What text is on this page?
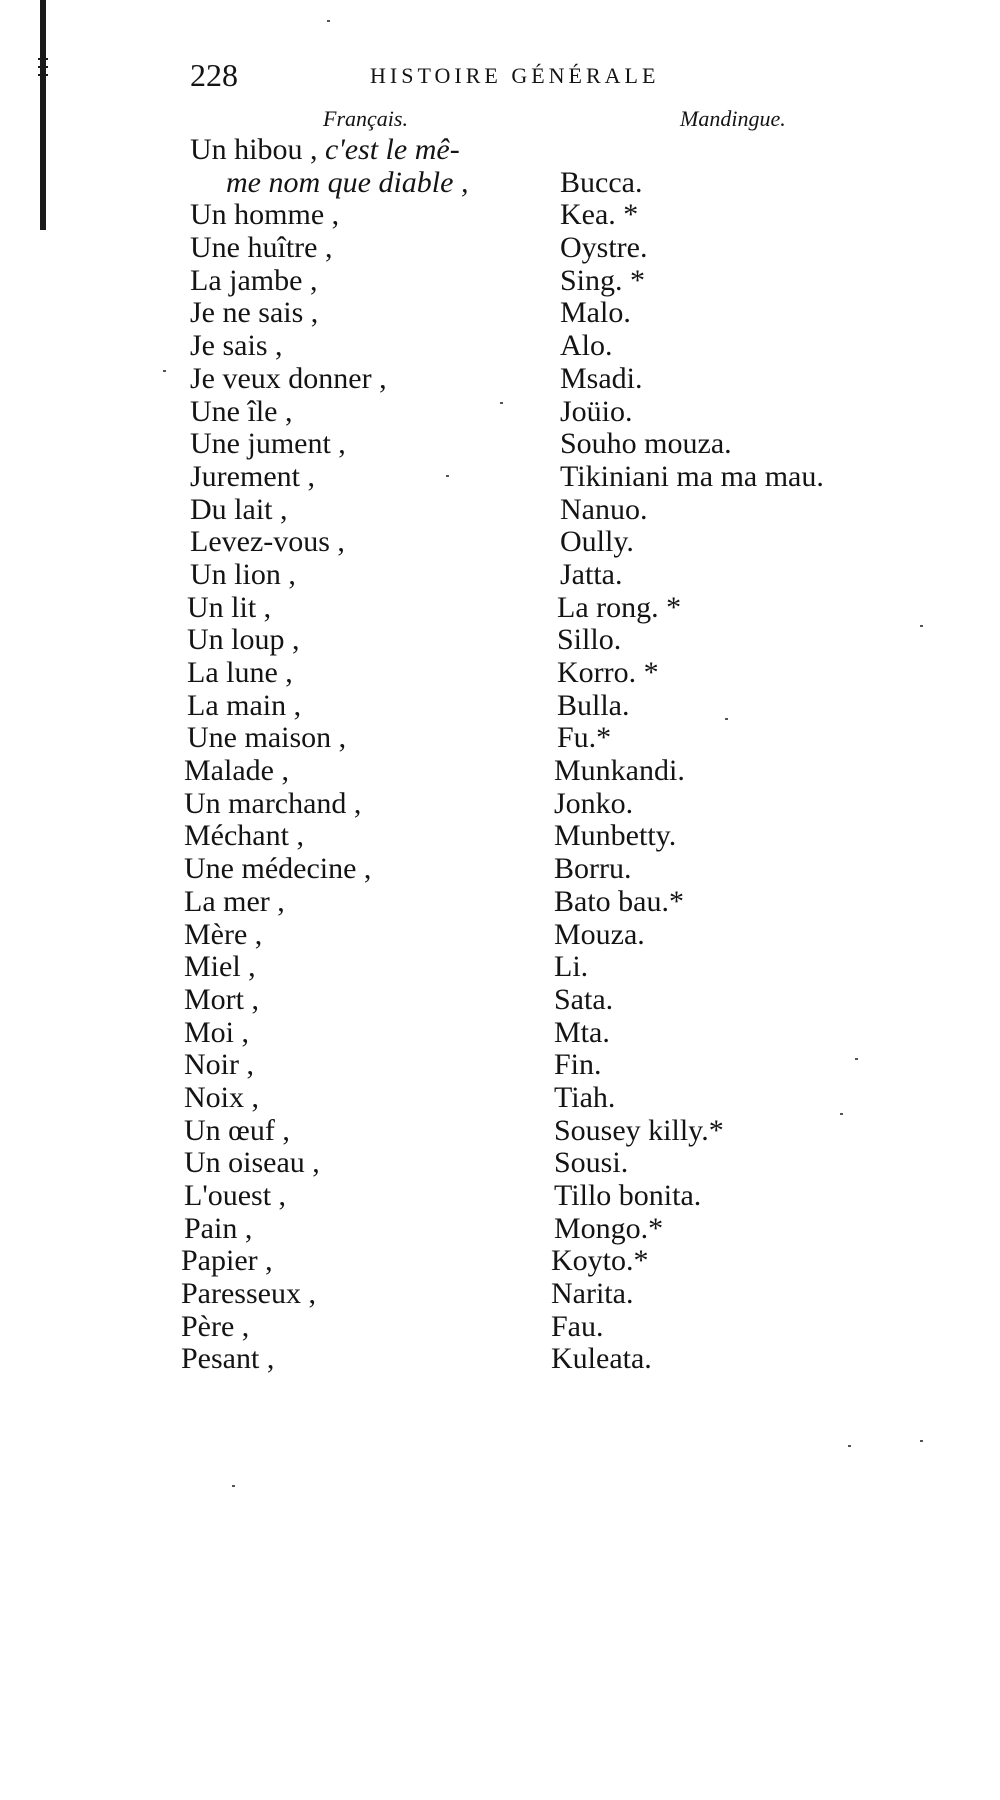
228	HISTOIRE GÉNÉRALE
Français.	Mandingue.
Un hibou , c'est le mê-
me nom que diable ,	Bucca.
Un homme ,	Kea. *
Une huître ,	Oystre.
La jambe ,	Sing. *
Je ne sais ,	Malo.
Je sais ,	Alo.
Je veux donner ,	Msadi.
Une île ,	Joüio.
Une jument ,	Souho mouza.
Jurement ,	Tikiniani ma ma mau.
Du lait ,	Nanuo.
Levez-vous ,	Oully.
Un lion ,	Jatta.
Un lit ,	La rong. *
Un loup ,	Sillo.
La lune ,	Korro. *
La main ,	Bulla.
Une maison ,	Fu.*
Malade ,	Munkandi.
Un marchand ,	Jonko.
Méchant ,	Munbetty.
Une médecine ,	Borru.
La mer ,	Bato bau.*
Mère ,	Mouza.
Miel ,	Li.
Mort ,	Sata.
Moi ,	Mta.
Noir ,	Fin.
Noix ,	Tiah.
Un œuf ,	Sousey killy.*
Un oiseau ,	Sousi.
L'ouest ,	Tillo bonita.
Pain ,	Mongo.*
Papier ,	Koyto.*
Paresseux ,	Narita.
Père ,	Fau.
Pesant ,	Kuleata.
